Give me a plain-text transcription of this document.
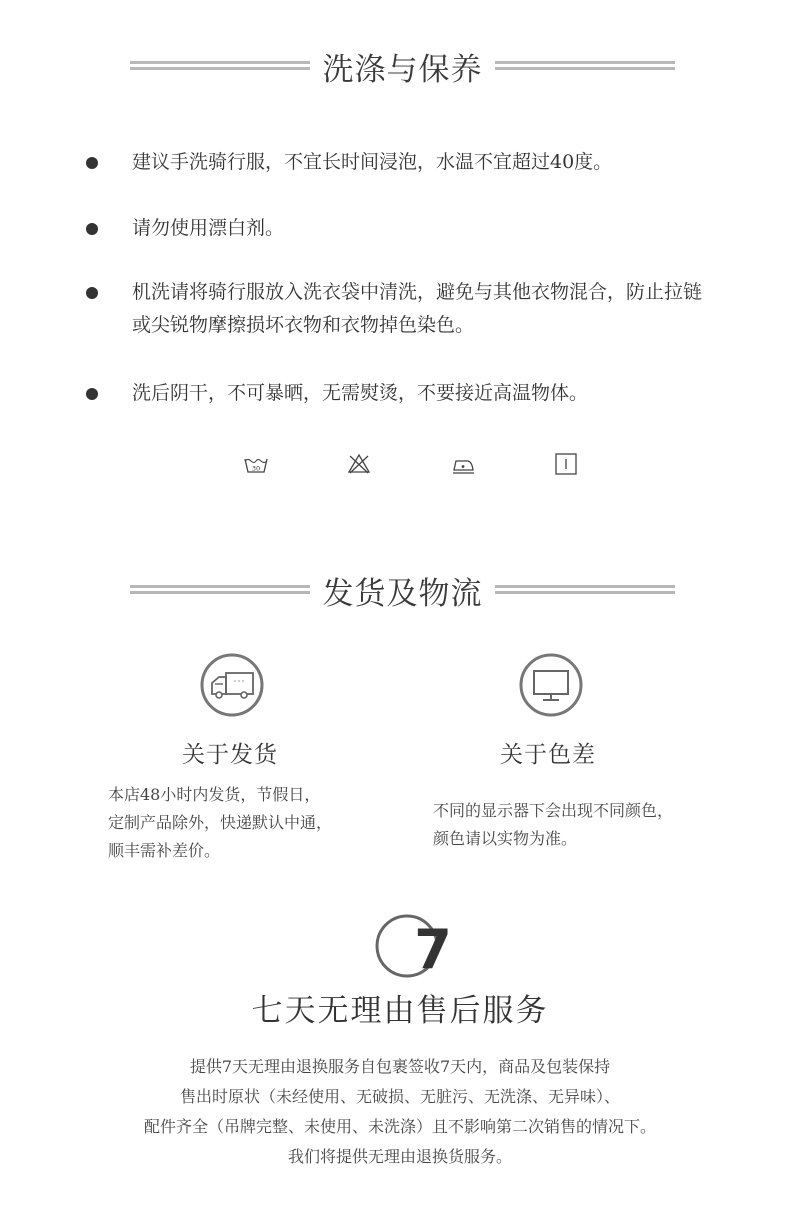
洗涤与保养
建议手洗骑行服，不宜长时间浸泡，水温不宜超过40度。
请勿使用漂白剂。
机洗请将骑行服放入洗衣袋中清洗，避免与其他衣物混合，防止拉链或尖锐物摩擦损坏衣物和衣物掉色染色。
洗后阴干，不可暴晒，无需熨烫，不要接近高温物体。
30
发货及物流
关于发货
本店48小时内发货，节假日，
定制产品除外，快递默认中通，
顺丰需补差价。
关于色差
不同的显示器下会出现不同颜色，
颜色请以实物为准。
7
七天无理由售后服务
提供7天无理由退换服务自包裹签收7天内，商品及包装保持
售出时原状（未经使用、无破损、无脏污、无洗涤、无异味）、
配件齐全（吊牌完整、未使用、未洗涤）且不影响第二次销售的情况下。
我们将提供无理由退换货服务。
